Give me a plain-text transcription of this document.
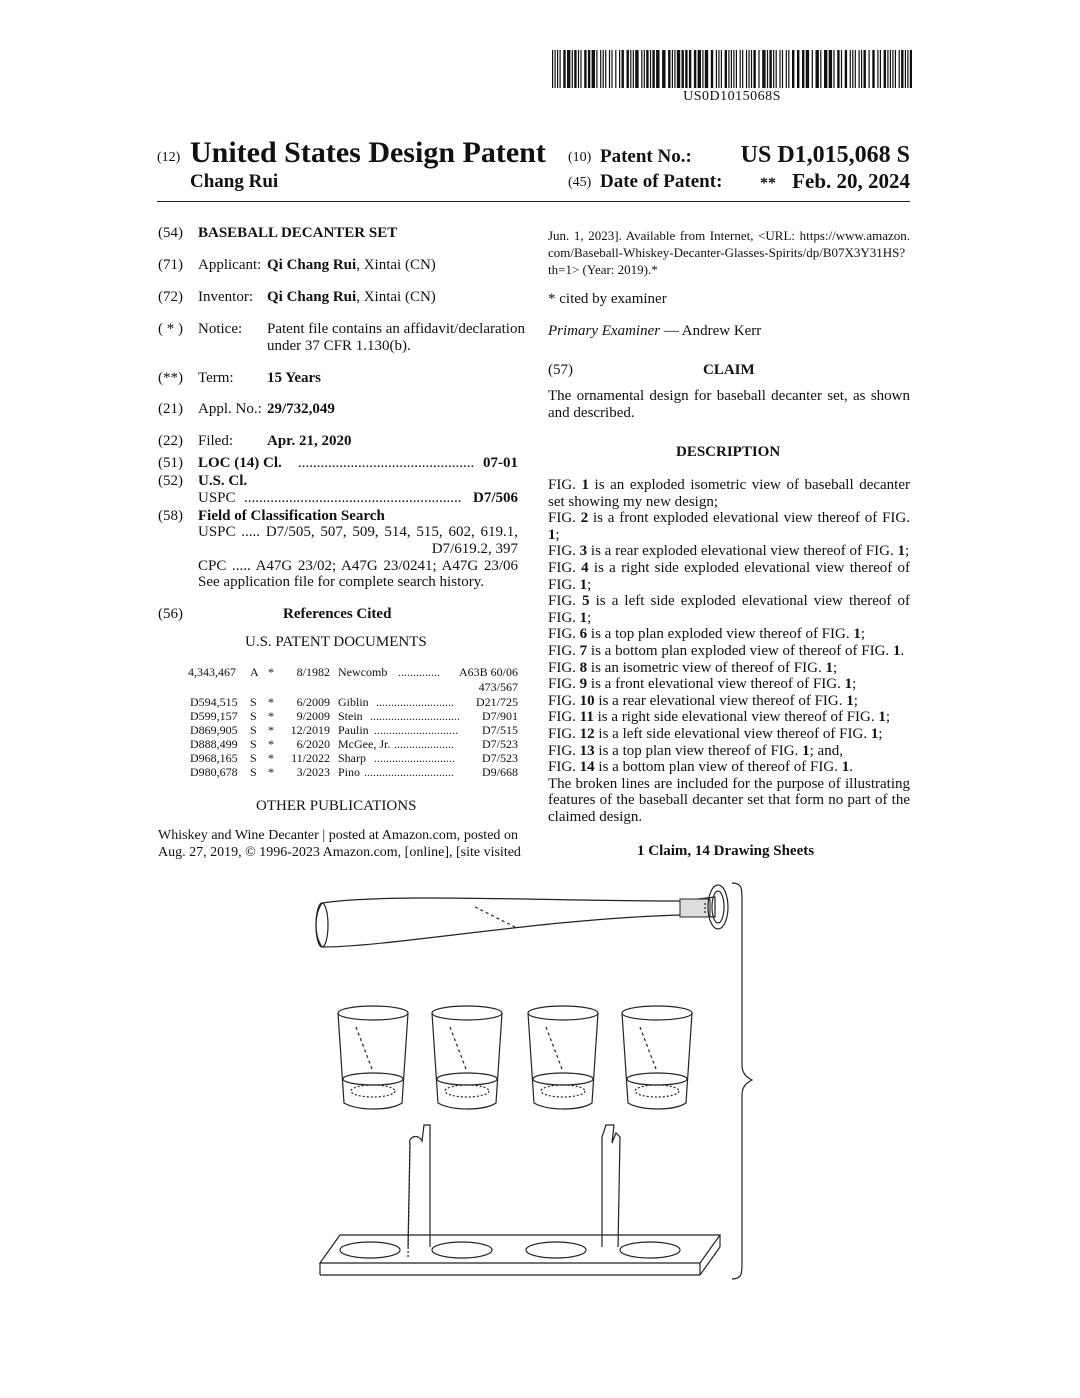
US0D1015068S
(12) United States Design Patent
Chang Rui
(10) Patent No.: US D1,015,068 S
(45) Date of Patent: ** Feb. 20, 2024
(54) BASEBALL DECANTER SET
(71) Applicant: Qi Chang Rui, Xintai (CN)
(72) Inventor: Qi Chang Rui, Xintai (CN)
( * ) Notice: Patent file contains an affidavit/declaration
under 37 CFR 1.130(b).
(**) Term: 15 Years
(21) Appl. No.: 29/732,049
(22) Filed: Apr. 21, 2020
(51) LOC (14) Cl. ............................................... 07-01
(52) U.S. Cl.
USPC .......................................................... D7/506
(58) Field of Classification Search
USPC ..... D7/505, 507, 509, 514, 515, 602, 619.1,
D7/619.2, 397
CPC ..... A47G 23/02; A47G 23/0241; A47G 23/06
See application file for complete search history.
(56)	References Cited
U.S. PATENT DOCUMENTS
4,343,467 A *	8/1982 Newcomb ..............	A63B 60/06
473/567
D594,515 S *	6/2009 Giblin ..........................	D21/725
D599,157 S *	9/2009 Stein ..............................	D7/901
D869,905 S *	12/2019 Paulin ............................	D7/515
D888,499 S *	6/2020 McGee, Jr. ....................	D7/523
D968,165 S *	11/2022 Sharp ...........................	D7/523
D980,678 S *	3/2023 Pino ..............................	D9/668
OTHER PUBLICATIONS
Whiskey and Wine Decanter | posted at Amazon.com, posted on
Aug. 27, 2019, © 1996-2023 Amazon.com, [online], [site visited
Jun. 1, 2023]. Available from Internet, <URL: https://www.amazon.
com/Baseball-Whiskey-Decanter-Glasses-Spirits/dp/B07X3Y31HS?
th=1> (Year: 2019).*
* cited by examiner
Primary Examiner — Andrew Kerr
(57)	CLAIM
The ornamental design for baseball decanter set, as shown and described.
DESCRIPTION

FIG. 1 is an exploded isometric view of baseball decanter set showing my new design;

FIG. 2 is a front exploded elevational view thereof of FIG. 1;

FIG. 3 is a rear exploded elevational view thereof of FIG. 1;

FIG. 4 is a right side exploded elevational view thereof of FIG. 1;

FIG. 5 is a left side exploded elevational view thereof of FIG. 1;

FIG. 6 is a top plan exploded view thereof of FIG. 1;

FIG. 7 is a bottom plan exploded view of thereof of FIG. 1.

FIG. 8 is an isometric view of thereof of FIG. 1;

FIG. 9 is a front elevational view thereof of FIG. 1;

FIG. 10 is a rear elevational view thereof of FIG. 1;

FIG. 11 is a right side elevational view thereof of FIG. 1;

FIG. 12 is a left side elevational view thereof of FIG. 1;

FIG. 13 is a top plan view thereof of FIG. 1; and,

FIG. 14 is a bottom plan view of thereof of FIG. 1.

The broken lines are included for the purpose of illustrating features of the baseball decanter set that form no part of the claimed design.

1 Claim, 14 Drawing Sheets
